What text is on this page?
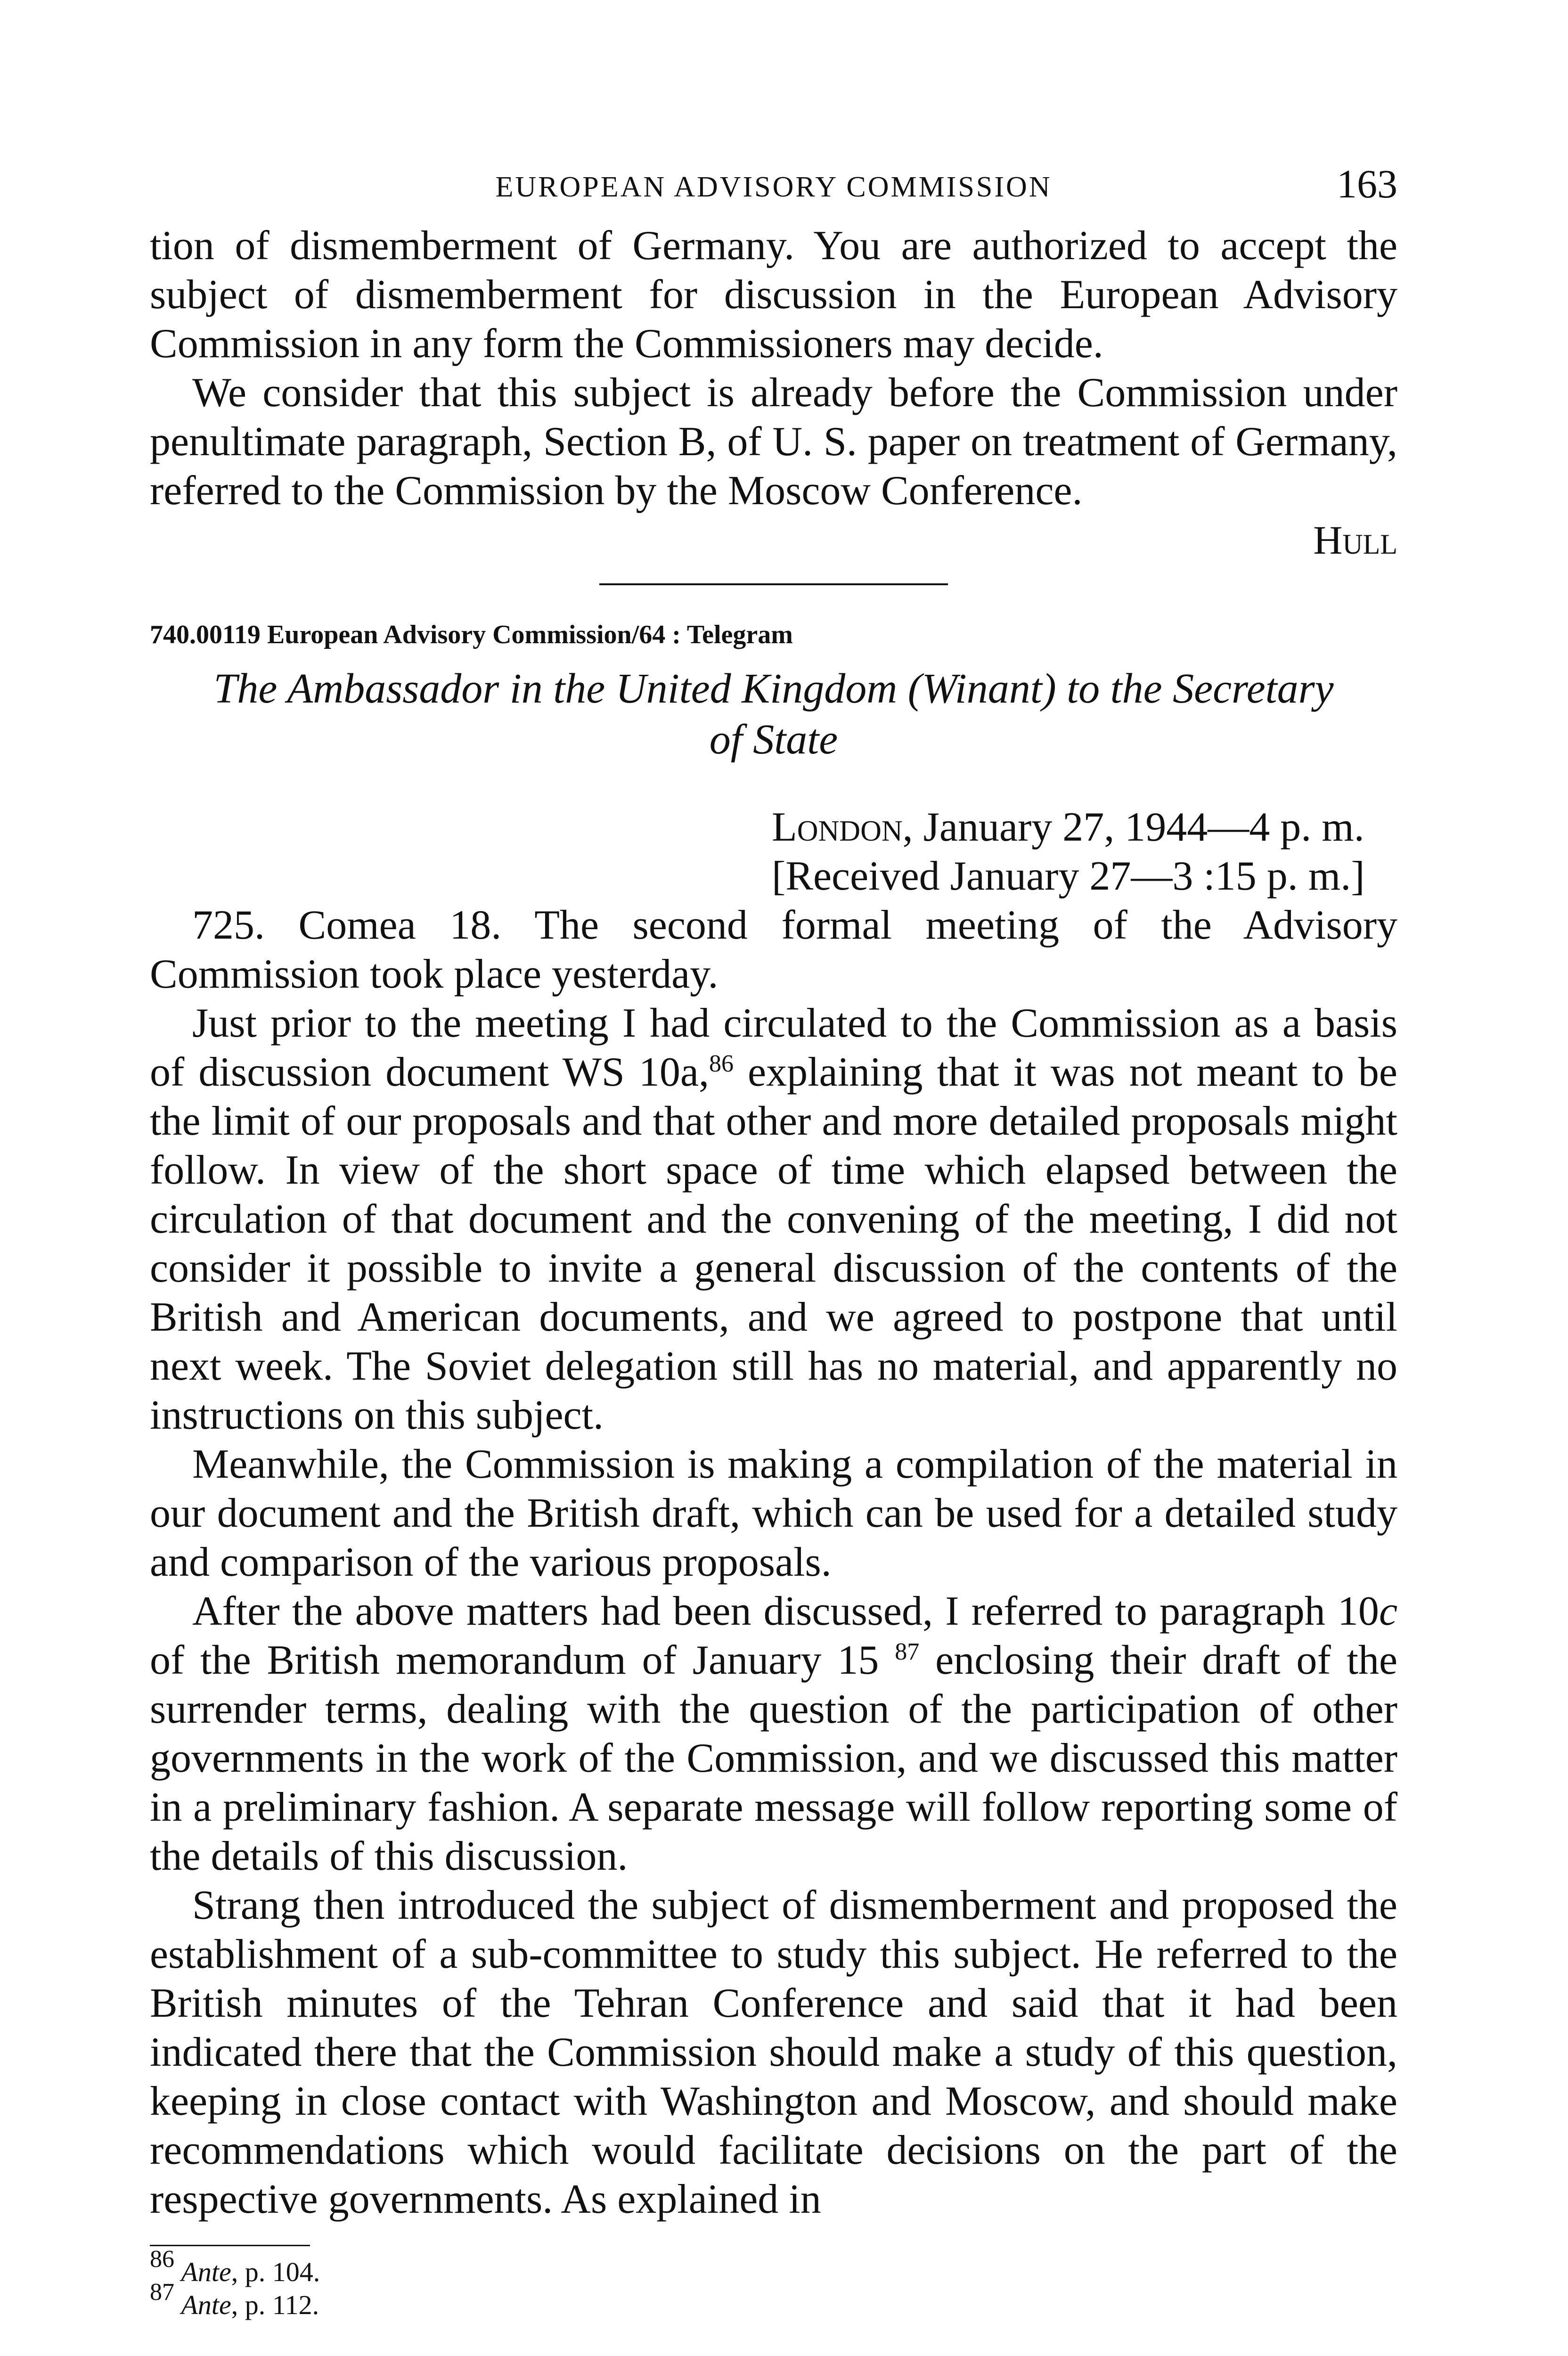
EUROPEAN ADVISORY COMMISSION	163

tion of dismemberment of Germany. You are authorized to accept the subject of dismemberment for discussion in the European Advisory Commission in any form the Commissioners may decide.

We consider that this subject is already before the Commission under penultimate paragraph, Section B, of U. S. paper on treatment of Germany, referred to the Commission by the Moscow Conference.

Hull
740.00119 European Advisory Commission/64 : Telegram
The Ambassador in the United Kingdom (Winant) to the Secretary
of State
London, January 27, 1944—4 p. m.
[Received January 27—3 :15 p. m.]

725. Comea 18. The second formal meeting of the Advisory Commission took place yesterday.

Just prior to the meeting I had circulated to the Commission as a basis of discussion document WS 10a,$^{86}$ explaining that it was not meant to be the limit of our proposals and that other and more detailed proposals might follow. In view of the short space of time which elapsed between the circulation of that document and the convening of the meeting, I did not consider it possible to invite a general discussion of the contents of the British and American documents, and we agreed to postpone that until next week. The Soviet delegation still has no material, and apparently no instructions on this subject.

Meanwhile, the Commission is making a compilation of the material in our document and the British draft, which can be used for a detailed study and comparison of the various proposals.

After the above matters had been discussed, I referred to paragraph 10c of the British memorandum of January 15 $^{87}$ enclosing their draft of the surrender terms, dealing with the question of the participation of other governments in the work of the Commission, and we discussed this matter in a preliminary fashion. A separate message will follow reporting some of the details of this discussion.

Strang then introduced the subject of dismemberment and proposed the establishment of a sub-committee to study this subject. He referred to the British minutes of the Tehran Conference and said that it had been indicated there that the Commission should make a study of this question, keeping in close contact with Washington and Moscow, and should make recommendations which would facilitate decisions on the part of the respective governments. As explained in

$^{86}$ Ante, p. 104.
$^{87}$ Ante, p. 112.
